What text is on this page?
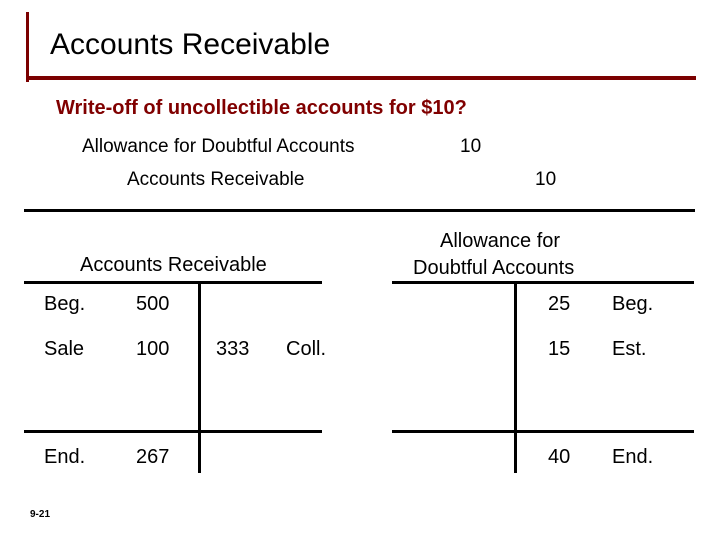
Accounts Receivable
Write-off of uncollectible accounts for $10?
Allowance for Doubtful Accounts	10
Accounts Receivable	10
Accounts Receivable
Beg.	500
Sale	100 333 Coll.
End.	267
Allowance for
Doubtful Accounts
25 Beg.
15 Est.
40 End.
9-21
